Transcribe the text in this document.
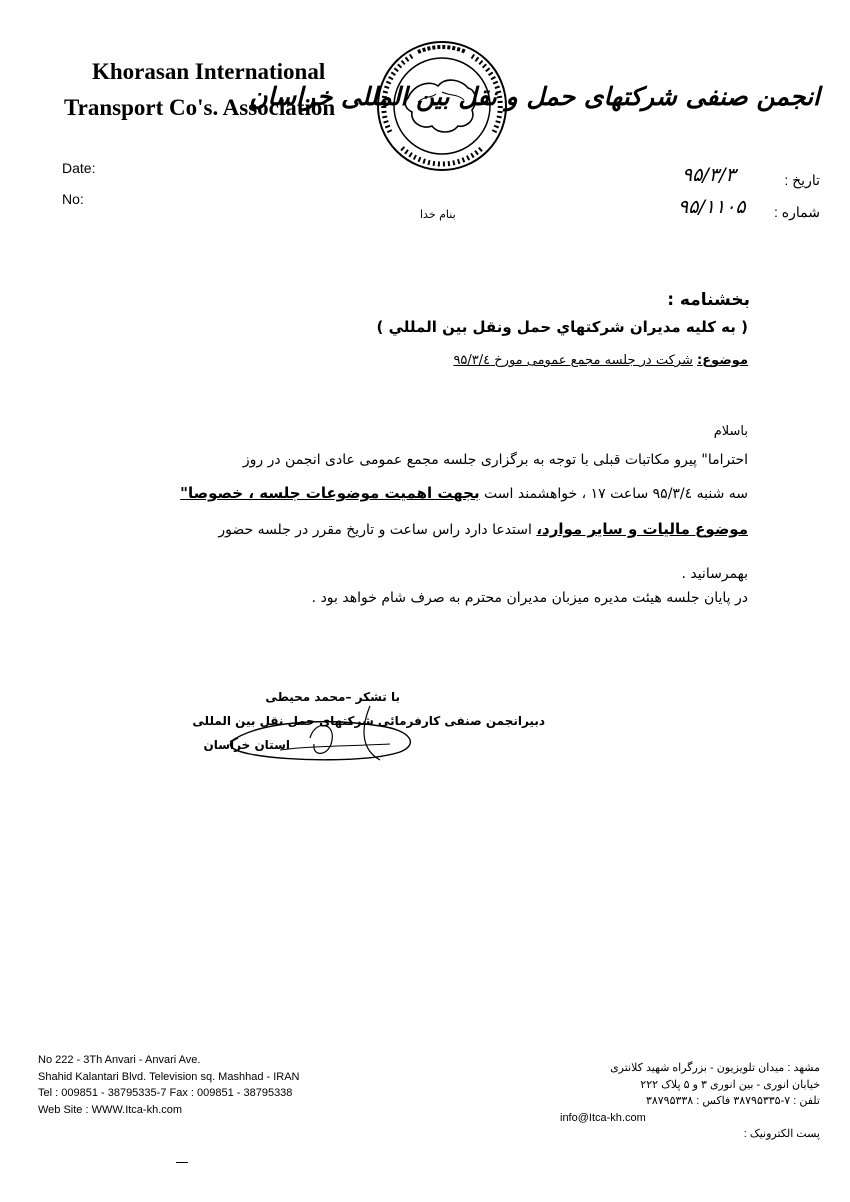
Khorasan International
Transport Co's. Association
انجمن صنفی شرکتهای حمل و نقل بین المللی خراسان
Date:
No:
تاریخ :
شماره :
۹۵/۳/۳
۹۵/۱۱۰۵
بنام خدا
بخشنامه :
( به كليه مديران شركتهاي حمل ونقل بين المللي )
موضوع: شرکت در جلسه مجمع عمومی مورخ ۹۵/۳/٤
باسلام
احتراما" پیرو مکاتبات قبلی با توجه به برگزاری جلسه مجمع عمومی عادی انجمن در روز
سه شنبه ۹۵/۳/٤ ساعت ۱۷ ، خواهشمند است بجهت اهمیت موضوعات جلسه ، خصوصا"
موضوع مالیات و سایر موارد، استدعا دارد راس ساعت و تاریخ مقرر در جلسه حضور
بهمرسانید .
در پایان جلسه هیئت مدیره میزبان مدیران محترم به صرف شام خواهد بود .
با تشکر –محمد محیطی
دبیرانجمن صنفی کارفرمائی شرکتهای حمل نقل بین المللی
استان خراسان
No 222 - 3Th Anvari - Anvari Ave.
Shahid Kalantari Blvd. Television sq. Mashhad - IRAN
Tel : 009851 - 38795335-7 Fax : 009851 - 38795338
Web Site : WWW.Itca-kh.com
مشهد : میدان تلویزیون - بزرگراه شهید کلانتری
خیابان انوری - بین انوری ۳ و ۵ پلاک ۲۲۲
تلفن : ۷-۳۸۷۹۵۳۳۵ فاکس : ۳۸۷۹۵۳۳۸
info@Itca-kh.com
پست الکترونیک :
